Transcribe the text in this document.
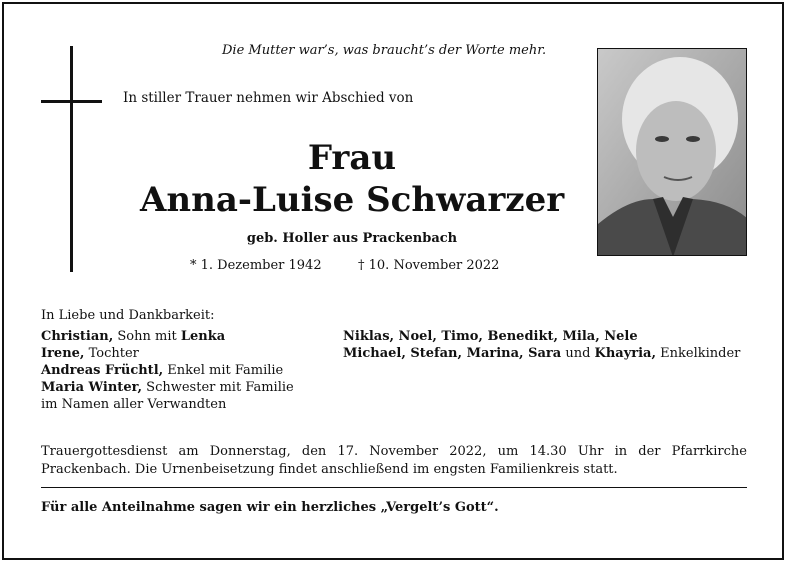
Die Mutter war’s, was braucht’s der Worte mehr.
In stiller Trauer nehmen wir Abschied von
Frau
Anna-Luise Schwarzer
geb. Holler aus Prackenbach
* 1. Dezember 1942	† 10. November 2022
In Liebe und Dankbarkeit:
Christian, Sohn mit Lenka
Irene, Tochter
Andreas Früchtl, Enkel mit Familie
Maria Winter, Schwester mit Familie
im Namen aller Verwandten
Niklas, Noel, Timo, Benedikt, Mila, Nele
Michael, Stefan, Marina, Sara und Khayria, Enkelkinder
Trauergottesdienst am Donnerstag, den 17. November 2022, um 14.30 Uhr in der Pfarrkirche Prackenbach. Die Urnenbeisetzung findet anschließend im engsten Familienkreis statt.
Für alle Anteilnahme sagen wir ein herzliches „Vergelt’s Gott“.
